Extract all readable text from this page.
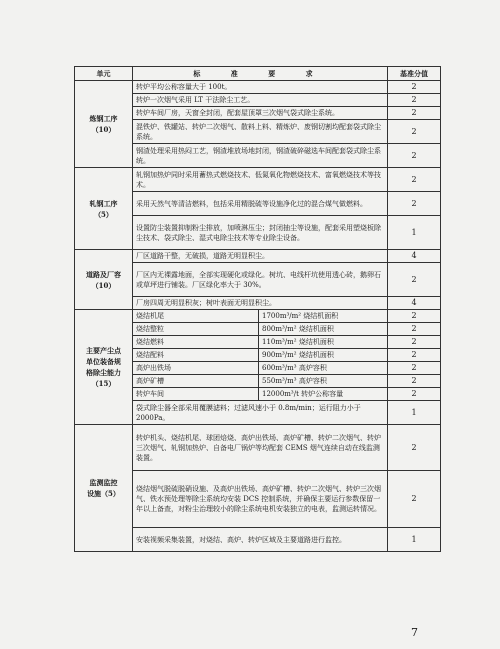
单元	标 准 要 求		基准分值
炼钢工序
（10）	转炉平均公称容量大于 100t。		2
	转炉一次烟气采用 LT 干法除尘工艺。		2
	转炉车间厂房，天窗全封闭，配套屋顶罩三次烟气袋式除尘系统。		2
	混铁炉、铁罐站、转炉二次烟气、散料上料、精炼炉、废钢切割均配套袋式除尘系统。		2
	钢渣处理采用热闷工艺，钢渣堆放场地封闭，钢渣破碎磁选车间配套袋式除尘系统。		2
轧钢工序
（5）	轧钢加热炉同时采用蓄热式燃烧技术、低氮氧化物燃烧技术、富氧燃烧技术等技术。		2
	采用天然气等清洁燃料，包括采用精脱硫等设施净化过的混合煤气做燃料。		2
	设置防尘装置抑制粉尘排放，加喷淋压尘；封闭抽尘等设施，配套采用塑烧板除尘技术、袋式除尘、湿式电除尘技术等专业除尘设备。		1
道路及厂容
（10）	厂区道路干整，无破损，道路无明显积尘。		4
	厂区内无裸露地面，全部实现硬化或绿化。树坑、电线杆坑使用透心砖，鹅卵石或草坪进行铺装。厂区绿化率大于 30%。		2
	厂房四周无明显积灰；树叶表面无明显积尘。		4
主要产尘点
单位装备规
格除尘能力
（15）	烧结机尾	1700m³/m² 烧结机面积	2
	烧结整粒	800m³/m² 烧结机面积	2
	烧结燃料	110m³/m² 烧结机面积	2
	烧结配料	900m³/m² 烧结机面积	2
	高炉出铁场	600m³/m³ 高炉容积	2
	高炉矿槽	550m³/m³ 高炉容积	2
	转炉车间	12000m³/t 转炉公称容量	2
	袋式除尘器全部采用覆膜滤料；过滤风速小于 0.8m/min；运行阻力小于 2000Pa。		1
监测监控
设施（5）	转炉机头、烧结机尾、球团焙烧、高炉出铁场、高炉矿槽、转炉二次烟气、转炉三次烟气、轧钢加热炉、自备电厂锅炉等均配套 CEMS 烟气连续自动在线监测装置。		2
	烧结烟气脱硫脱硝设施、及高炉出铁场、高炉矿槽、转炉二次烟气、转炉三次烟气、铁水预处理等除尘系统均安装 DCS 控制系统，并确保主要运行参数保留一年以上备查，对粉尘治理较小的除尘系统电机安装独立的电表，监测运转情况。		2
	安装视频采集装置，对烧结、高炉、转炉区域及主要道路进行监控。		1
7
